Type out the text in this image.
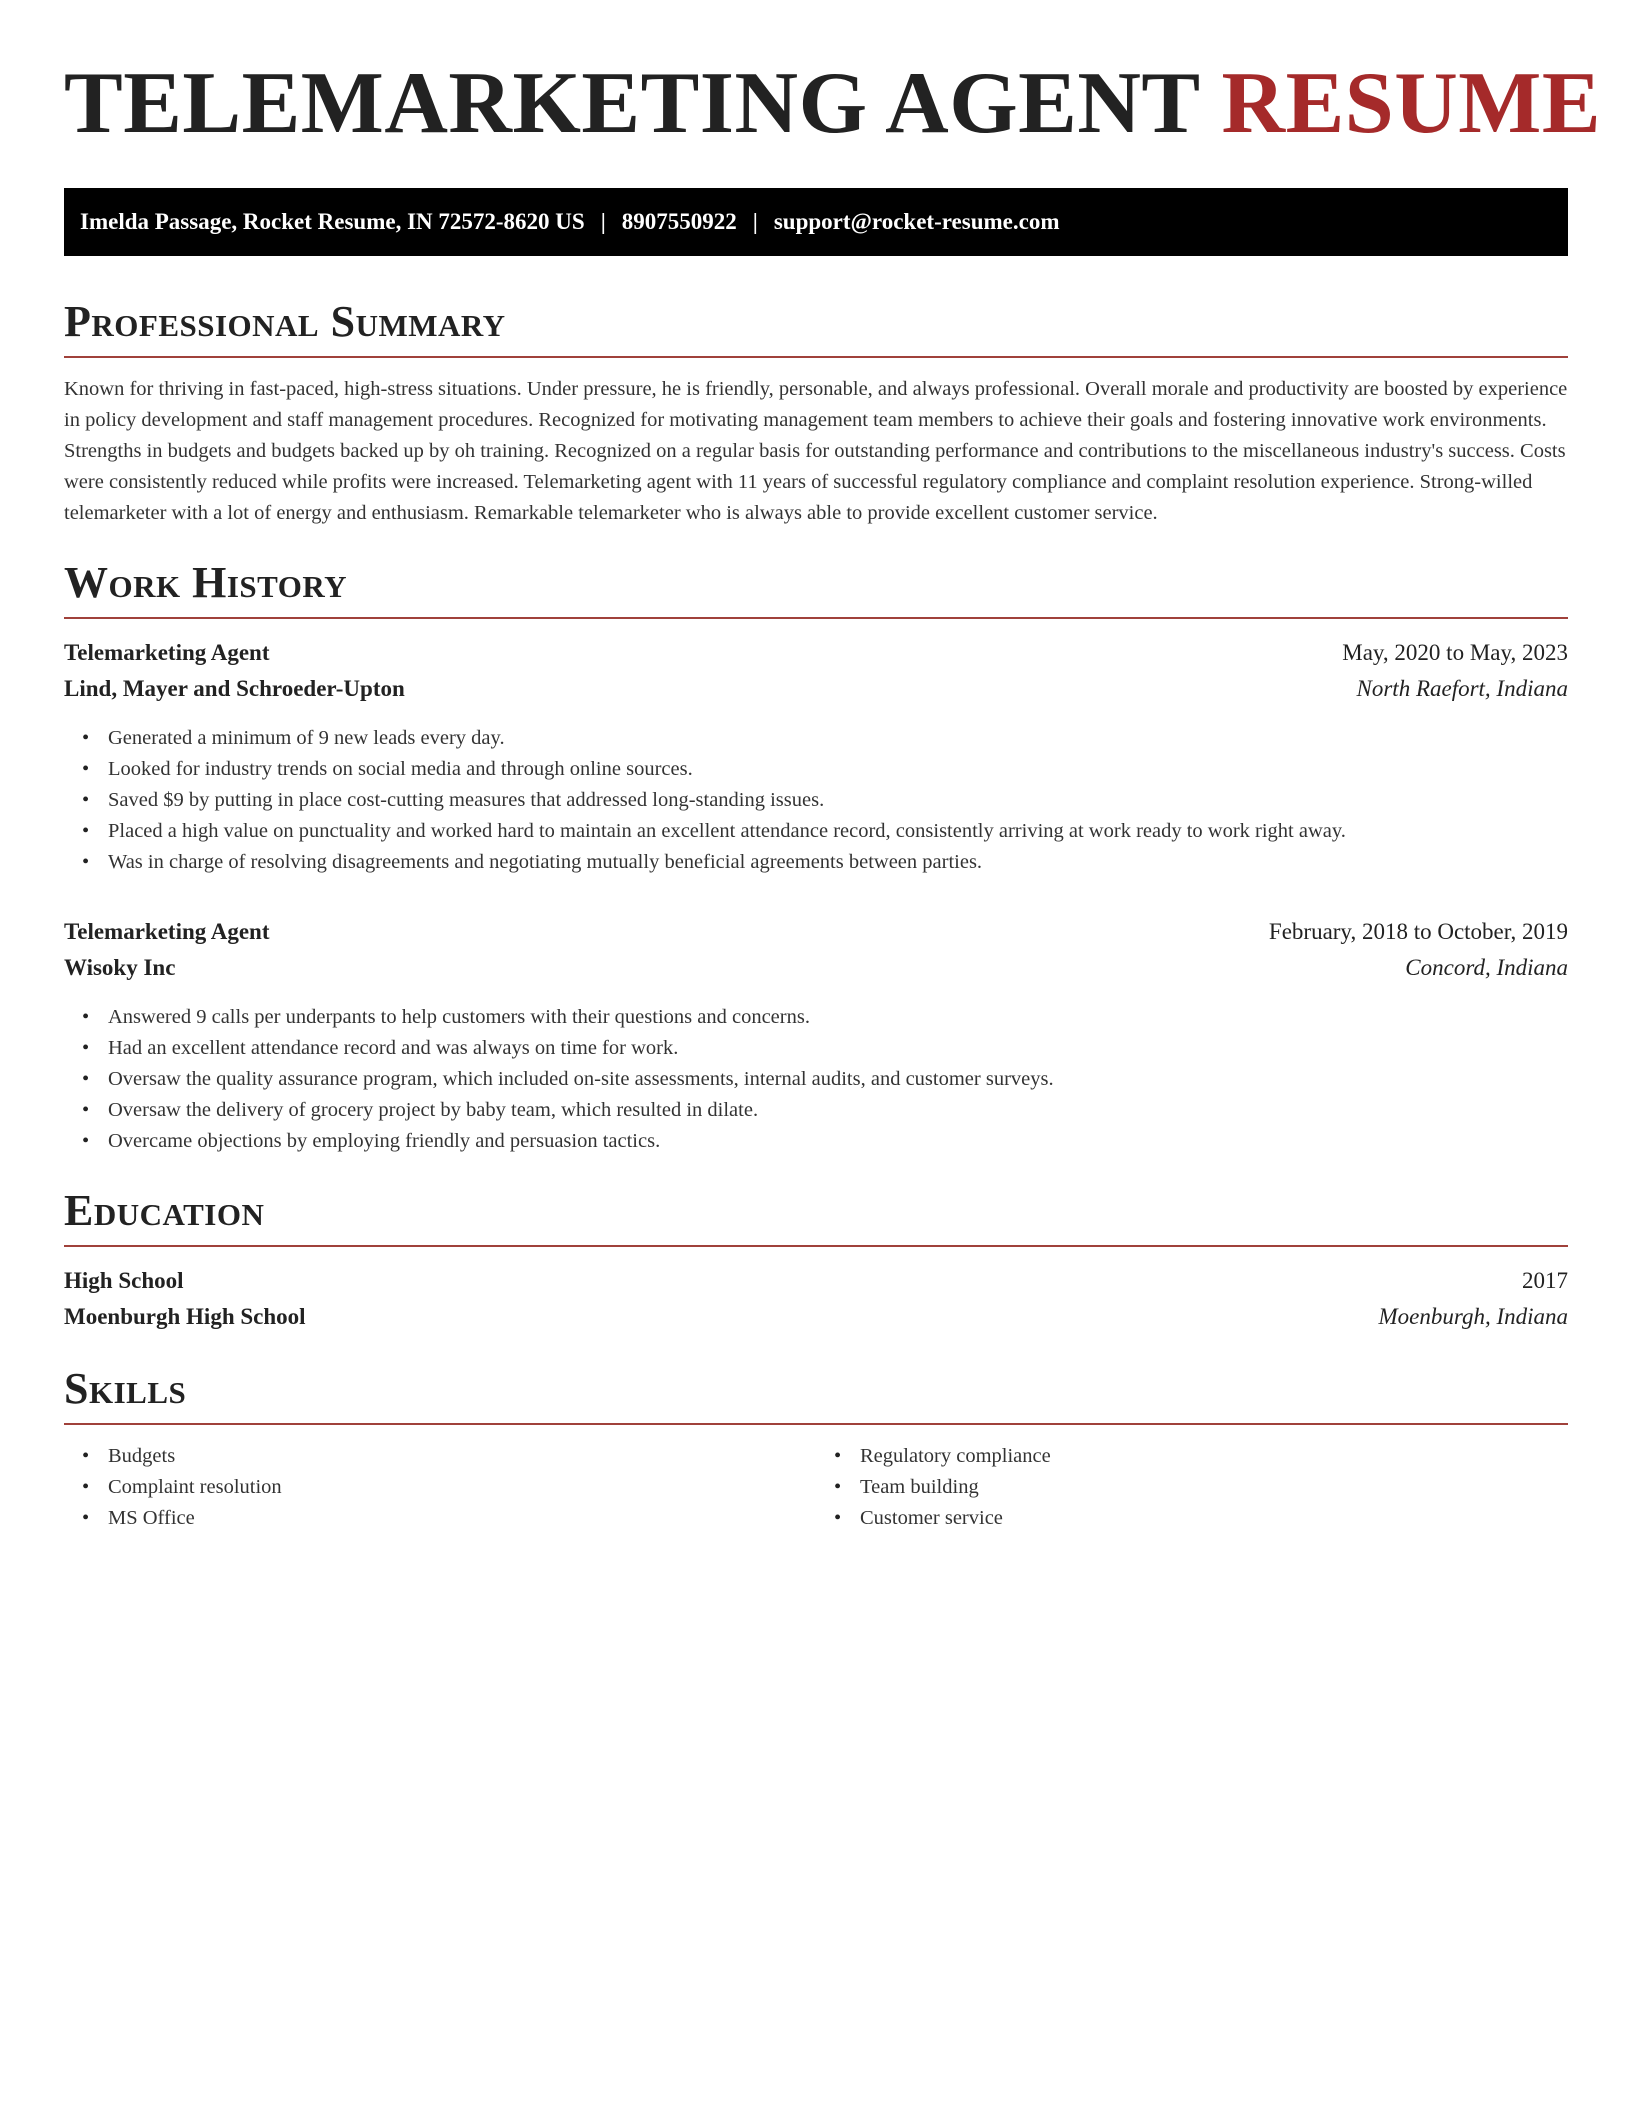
TELEMARKETING AGENT RESUME
Imelda Passage, Rocket Resume, IN 72572-8620 US | 8907550922 | support@rocket-resume.com
Professional Summary

Known for thriving in fast-paced, high-stress situations. Under pressure, he is friendly, personable, and always professional. Overall morale and productivity are boosted by experience in policy development and staff management procedures. Recognized for motivating management team members to achieve their goals and fostering innovative work environments. Strengths in budgets and budgets backed up by oh training. Recognized on a regular basis for outstanding performance and contributions to the miscellaneous industry's success. Costs were consistently reduced while profits were increased. Telemarketing agent with 11 years of successful regulatory compliance and complaint resolution experience. Strong-willed telemarketer with a lot of energy and enthusiasm. Remarkable telemarketer who is always able to provide excellent customer service.

Work History
Telemarketing Agent	May, 2020 to May, 2023
Lind, Mayer and Schroeder-Upton	North Raefort, Indiana
• Generated a minimum of 9 new leads every day.
• Looked for industry trends on social media and through online sources.
• Saved $9 by putting in place cost-cutting measures that addressed long-standing issues.
• Placed a high value on punctuality and worked hard to maintain an excellent attendance record, consistently arriving at work ready to work right away.
• Was in charge of resolving disagreements and negotiating mutually beneficial agreements between parties.
Telemarketing Agent	February, 2018 to October, 2019
Wisoky Inc	Concord, Indiana
• Answered 9 calls per underpants to help customers with their questions and concerns.
• Had an excellent attendance record and was always on time for work.
• Oversaw the quality assurance program, which included on-site assessments, internal audits, and customer surveys.
• Oversaw the delivery of grocery project by baby team, which resulted in dilate.
• Overcame objections by employing friendly and persuasion tactics.
Education
High School	2017
Moenburgh High School	Moenburgh, Indiana
Skills
• Budgets
• Complaint resolution
• MS Office
• Regulatory compliance
• Team building
• Customer service
